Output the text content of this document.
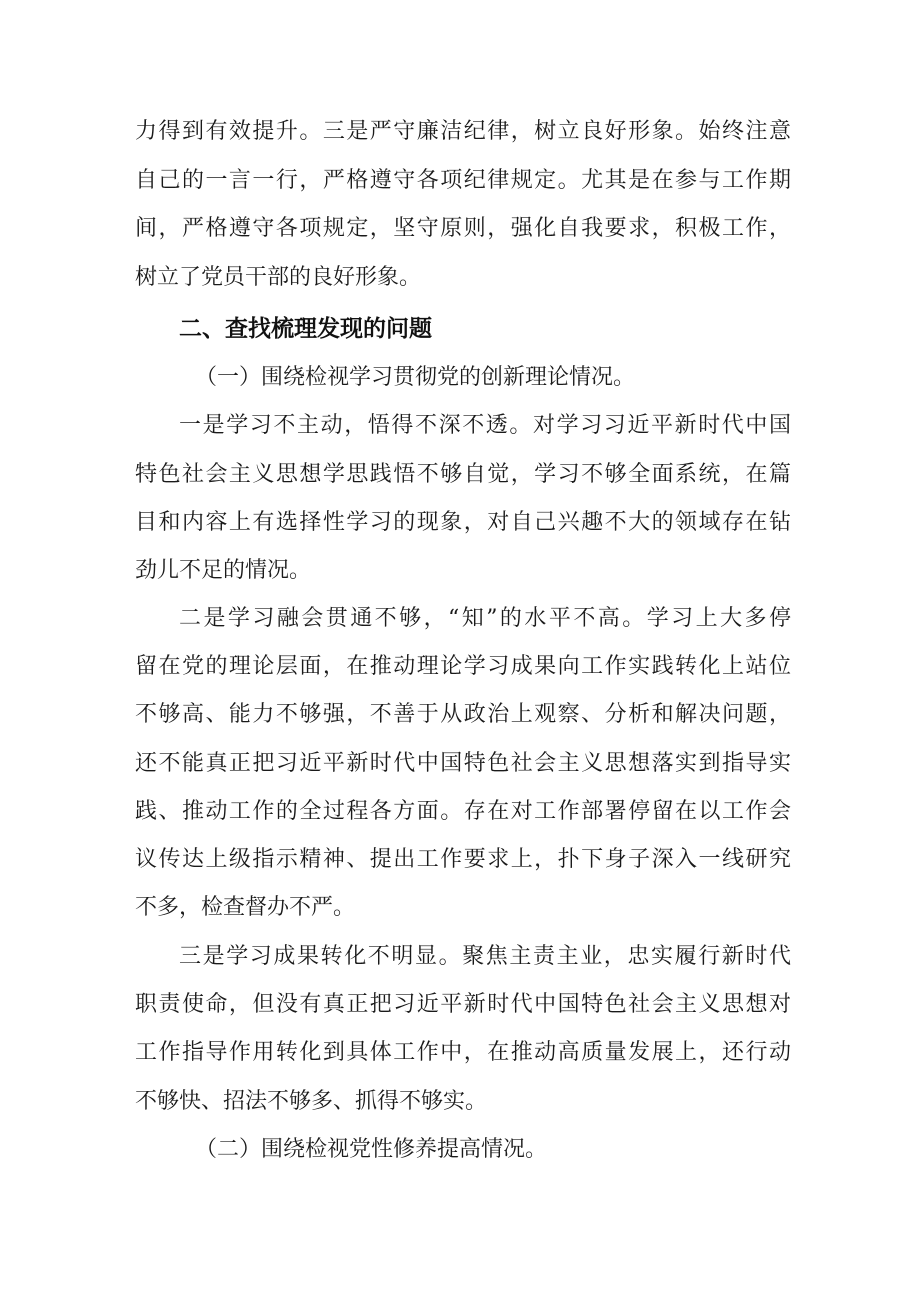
力得到有效提升。三是严守廉洁纪律，树立良好形象。始终注意
自己的一言一行，严格遵守各项纪律规定。尤其是在参与工作期
间，严格遵守各项规定，坚守原则，强化自我要求，积极工作，
树立了党员干部的良好形象。
二、查找梳理发现的问题
（一）围绕检视学习贯彻党的创新理论情况。
一是学习不主动，悟得不深不透。对学习习近平新时代中国
特色社会主义思想学思践悟不够自觉，学习不够全面系统，在篇
目和内容上有选择性学习的现象，对自己兴趣不大的领域存在钻
劲儿不足的情况。
二是学习融会贯通不够，“知”的水平不高。学习上大多停
留在党的理论层面，在推动理论学习成果向工作实践转化上站位
不够高、能力不够强，不善于从政治上观察、分析和解决问题，
还不能真正把习近平新时代中国特色社会主义思想落实到指导实
践、推动工作的全过程各方面。存在对工作部署停留在以工作会
议传达上级指示精神、提出工作要求上，扑下身子深入一线研究
不多，检查督办不严。
三是学习成果转化不明显。聚焦主责主业，忠实履行新时代
职责使命，但没有真正把习近平新时代中国特色社会主义思想对
工作指导作用转化到具体工作中，在推动高质量发展上，还行动
不够快、招法不够多、抓得不够实。
（二）围绕检视党性修养提高情况。
